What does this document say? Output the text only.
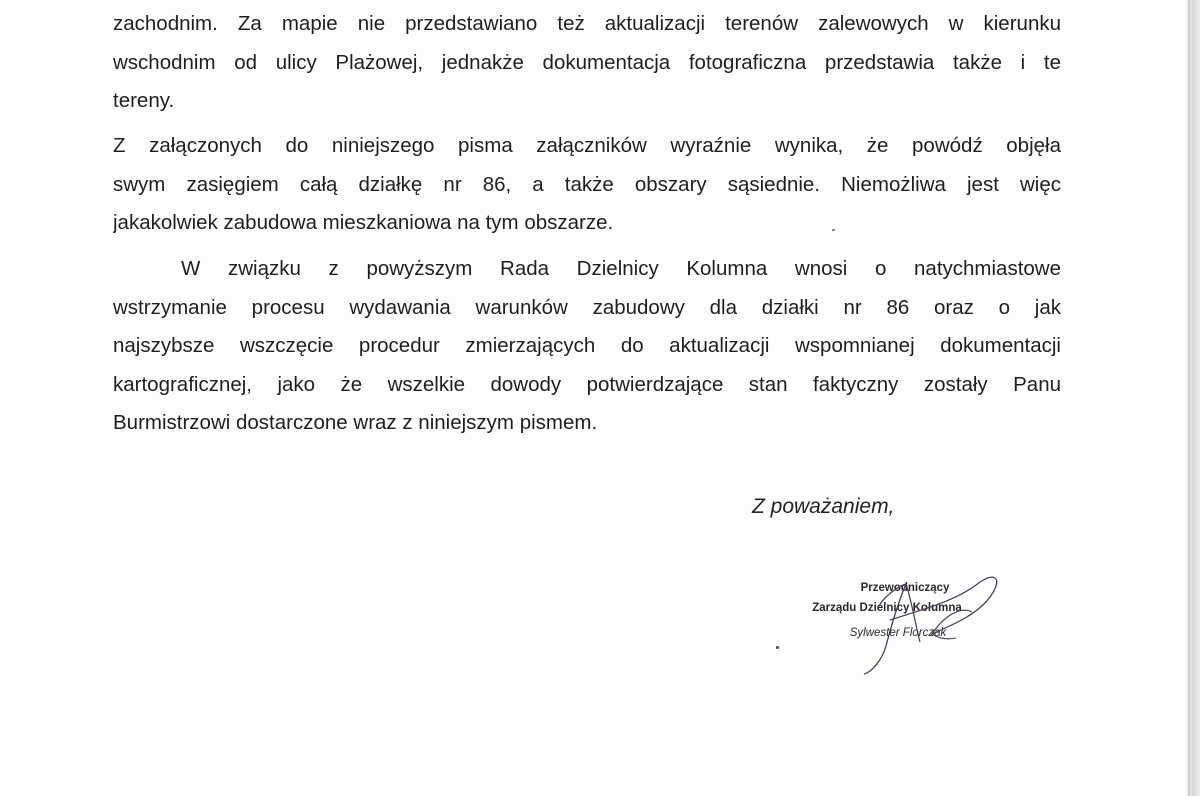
zachodnim. Za mapie nie przedstawiano też aktualizacji terenów zalewowych w kierunku
wschodnim od ulicy Plażowej, jednakże dokumentacja fotograficzna przedstawia także i te
tereny.
Z załączonych do niniejszego pisma załączników wyraźnie wynika, że powódź objęła
swym zasięgiem całą działkę nr 86, a także obszary sąsiednie. Niemożliwa jest więc
jakakolwiek zabudowa mieszkaniowa na tym obszarze.
W związku z powyższym Rada Dzielnicy Kolumna wnosi o natychmiastowe
wstrzymanie procesu wydawania warunków zabudowy dla działki nr 86 oraz o jak
najszybsze wszczęcie procedur zmierzających do aktualizacji wspomnianej dokumentacji
kartograficznej, jako że wszelkie dowody potwierdzające stan faktyczny zostały Panu
Burmistrzowi dostarczone wraz z niniejszym pismem.
Z poważaniem,
Przewodniczący
Zarządu Dzielnicy Kolumna
Sylwester Florczak
